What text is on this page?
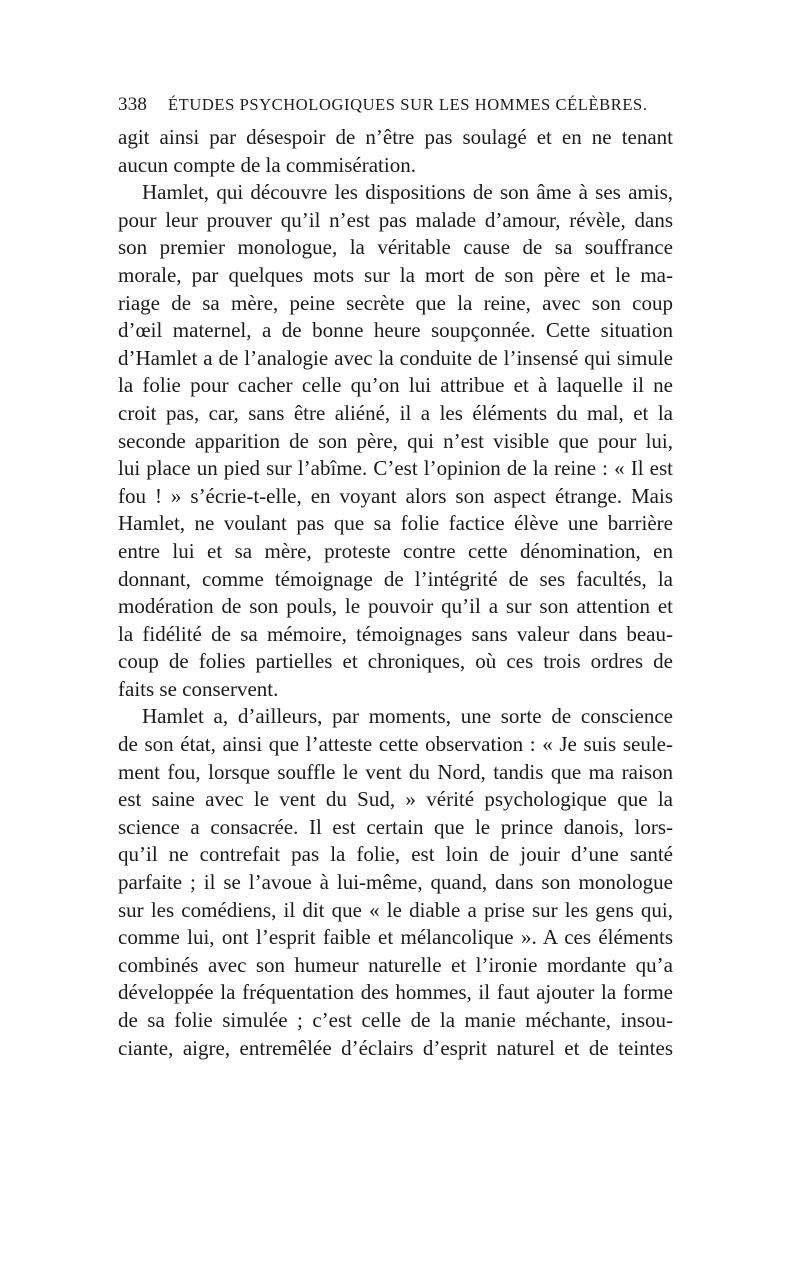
338 ÉTUDES PSYCHOLOGIQUES SUR LES HOMMES CÉLÈBRES.
agit ainsi par désespoir de n’être pas soulagé et en ne tenant
aucun compte de la commisération.
Hamlet, qui découvre les dispositions de son âme à ses amis,
pour leur prouver qu’il n’est pas malade d’amour, révèle, dans
son premier monologue, la véritable cause de sa souffrance
morale, par quelques mots sur la mort de son père et le ma-
riage de sa mère, peine secrète que la reine, avec son coup
d’œil maternel, a de bonne heure soupçonnée. Cette situation
d’Hamlet a de l’analogie avec la conduite de l’insensé qui simule
la folie pour cacher celle qu’on lui attribue et à laquelle il ne
croit pas, car, sans être aliéné, il a les éléments du mal, et la
seconde apparition de son père, qui n’est visible que pour lui,
lui place un pied sur l’abîme. C’est l’opinion de la reine : « Il est
fou ! » s’écrie-t-elle, en voyant alors son aspect étrange. Mais
Hamlet, ne voulant pas que sa folie factice élève une barrière
entre lui et sa mère, proteste contre cette dénomination, en
donnant, comme témoignage de l’intégrité de ses facultés, la
modération de son pouls, le pouvoir qu’il a sur son attention et
la fidélité de sa mémoire, témoignages sans valeur dans beau-
coup de folies partielles et chroniques, où ces trois ordres de
faits se conservent.
Hamlet a, d’ailleurs, par moments, une sorte de conscience
de son état, ainsi que l’atteste cette observation : « Je suis seule-
ment fou, lorsque souffle le vent du Nord, tandis que ma raison
est saine avec le vent du Sud, » vérité psychologique que la
science a consacrée. Il est certain que le prince danois, lors-
qu’il ne contrefait pas la folie, est loin de jouir d’une santé
parfaite ; il se l’avoue à lui-même, quand, dans son monologue
sur les comédiens, il dit que « le diable a prise sur les gens qui,
comme lui, ont l’esprit faible et mélancolique ». A ces éléments
combinés avec son humeur naturelle et l’ironie mordante qu’a
développée la fréquentation des hommes, il faut ajouter la forme
de sa folie simulée ; c’est celle de la manie méchante, insou-
ciante, aigre, entremêlée d’éclairs d’esprit naturel et de teintes
